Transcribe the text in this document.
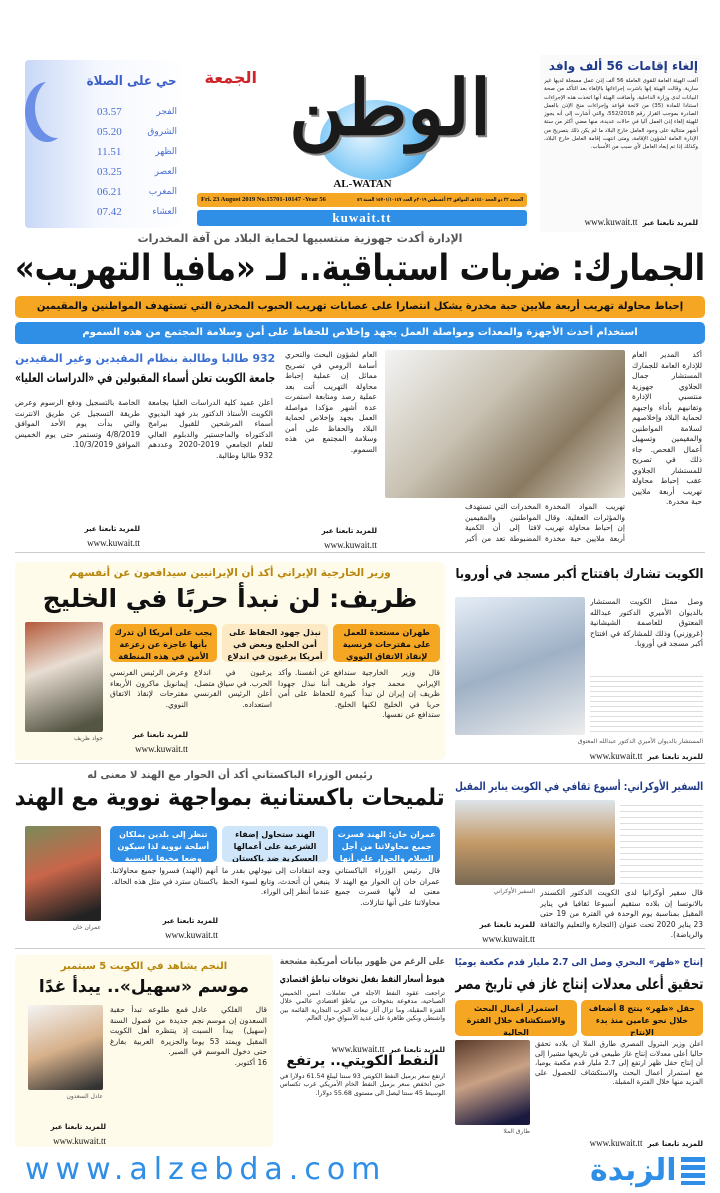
حي على الصلاة
الفجر
03.57
الشروق
05.20
الظهر
11.51
العصر
03.25
المغرب
06.21
العشاء
07.42
الوطن
الجمعة
AL-WATAN
Fri. 23 August 2019 No.15701-10147 -Year 56	الجمعة ٢٢ ذو الحجة ١٤٤٠هـ الموافق ٢٣ أغسطس ٢٠١٩م العدد ١٥٧٠١/١٠١٤٧ السنة ٥٦
kuwait.tt
إلغاء إقامات 56 ألف وافد
ألغت الهيئة العامة للقوى العاملة 56 ألف إذن عمل مسجلة لديها غير سارية. وقالت الهيئة إنها باشرت إجراءاتها بالإلغاء بعد التأكد من صحة البيانات لدى وزارة الداخلية. وأضافت الهيئة أنها اتخذت هذه الإجراءات استنادا للمادة (35) من لائحة قواعد وإجراءات منح الإذن بالعمل الصادرة بموجب القرار رقم 552/2018، والتي أشارت إلى أنه يجوز للهيئة إلغاء إذن العمل آليا في حالات عديدة، منها مضي أكثر من ستة أشهر متتالية على وجود العامل خارج البلاد ما لم يكن ذلك بتصريح من الإدارة العامة لشؤون الإقامة، ومتى انتهت إقامة العامل خارج البلاد، وكذلك إذا تم إبعاد العامل لأي سبب من الأسباب.
للمزيد تابعنا عبر www.kuwait.tt
الإدارة أكدت جهوزية منتسبيها لحماية البلاد من آفة المخدرات
الجمارك: ضربات استباقية.. لـ «مافيا التهريب»
إحباط محاولة تهريب أربعة ملايين حبة مخدرة يشكل انتصارا على عصابات تهريب الحبوب المخدرة التي تستهدف المواطنين والمقيمين
استخدام أحدث الأجهزة والمعدات ومواصلة العمل بجهد وإخلاص للحفاظ على أمن وسلامة المجتمع من هذه السموم
أكد المدير العام للإدارة العامة للجمارك المستشار جمال الجلاوي جهوزية منتسبي الإدارة وتفانيهم بأداء واجبهم لحماية البلاد وإخلاصهم لسلامة المواطنين والمقيمين وتسهيل أعمال الفحص. جاء ذلك في تصريح للمستشار الجلاوي عقب إحباط محاولة تهريب أربعة ملايين حبة مخدرة.
تهريب المواد المخدرة والمؤثرات العقلية. وقال إن إحباط محاولة تهريب أربعة ملايين حبة مخدرة
المخدرات التي تستهدف المواطنين والمقيمين لافتا إلى أن الكمية المضبوطة تعد من أكبر
العام لشؤون البحث والتحري أسامة الرومي في تصريح مماثل إن عملية إحباط محاولة التهريب أتت بعد عملية رصد ومتابعة استمرت عدة أشهر مؤكدا مواصلة العمل بجهد وإخلاص لحماية البلاد والحفاظ على أمن وسلامة المجتمع من هذه السموم.
للمزيد تابعنا عبر
www.kuwait.tt
932 طالبا وطالبة بنظام المقيدين وغير المقيدين
جامعة الكويت تعلن أسماء المقبولين في «الدراسات العليا»
أعلن عميد كلية الدراسات العليا بجامعة الكويت الأستاذ الدكتور بدر فهد البديوي أسماء المرشحين للقبول ببرامج الدكتوراه والماجستير والدبلوم العالي للعام الجامعي 2019-2020 وعددهم 932 طالبا وطالبة.
الخاصة بالتسجيل ودفع الرسوم وعرض طريقة التسجيل عن طريق الانترنت والتي بدأت يوم الأحد الموافق 4/8/2019 وتستمر حتى يوم الخميس الموافق 10/3/2019.
للمزيد تابعنا عبر
www.kuwait.tt
الكويت تشارك بافتتاح أكبر مسجد في أوروبا
وصل ممثل الكويت المستشار بالديوان الأميري الدكتور عبدالله المعتوق للعاصمة الشيشانية (غروزني) وذلك للمشاركة في افتتاح أكبر مسجد في أوروبا.
المستشار بالديوان الأميري الدكتور عبدالله المعتوق
للمزيد تابعنا عبر www.kuwait.tt
وزير الخارجية الإيراني أكد أن الإيرانيين سيدافعون عن أنفسهم
ظريف: لن نبدأ حربًا في الخليج
جواد ظريف
طهران مستعدة للعمل على مقترحات فرنسية لإنقاذ الاتفاق النووي
نبذل جهود الحفاظ على أمن الخليج وبعض في أمريكا يرغبون في اندلاع
يجب على أمريكا أن تدرك بأنها عاجزة عن زعزعة الأمن في هذه المنطقة
قال وزير الخارجية الإيراني محمد جواد ظريف إن إيران لن تبدأ حربا في الخليج لكنها ستدافع عن نفسها.
سندافع عن أنفسنا. وأكد ظريف أننا نبذل جهودا كبيرة للحفاظ على أمن الخليج.
يرغبون في اندلاع الحرب. في سياق متصل، أعلن الرئيس الفرنسي استعداده.
وعرض الرئيس الفرنسي إيمانويل ماكرون الأربعاء مقترحات لإنقاذ الاتفاق النووي.
للمزيد تابعنا عبر
www.kuwait.tt
السفير الأوكراني: أسبوع ثقافي في الكويت يناير المقبل
قال سفير أوكرانيا لدى الكويت الدكتور ألكسندر بالانوتسا إن بلاده ستقيم أسبوعا ثقافيا في يناير المقبل بمناسبة يوم الوحدة في الفترة من 19 حتى 23 يناير 2020 تحت عنوان (التجارة والتعليم والثقافة والرياضة).
السفير الأوكراني
للمزيد تابعنا عبر
www.kuwait.tt
رئيس الوزراء الباكستاني أكد أن الحوار مع الهند لا معنى له
تلميحات باكستانية بمواجهة نووية مع الهند
عمران خان
عمران خان: الهند فسرت جميع محاولاتنا من أجل السلام والحوار على أنها
الهند ستحاول إضفاء الشرعية على أعمالها العسكرية ضد باكستان
تنظر إلى بلدين يملكان أسلحة نووية لذا سيكون وضعا مخيفا بالنسبة
قال رئيس الوزراء الباكستاني عمران خان إن الحوار مع الهند لا معنى له لأنها فسرت جميع محاولاتنا على أنها تنازلات.
وجه انتقادات إلى نيودلهي بقدر ما ينبغي أن أتحدث، وتابع لسوء الحظ عندما أنظر إلى الوراء.
أنهم (الهند) فسروا جميع محاولاتنا. باكستان سترد في مثل هذه الحالة.
للمزيد تابعنا عبر
www.kuwait.tt
إنتاج «ظهر» البحري وصل الى 2.7 مليار قدم مكعبة يوميًا
تحقيق أعلى معدلات إنتاج غاز في تاريخ مصر
حقل «ظهر» ينتج 8 أضعاف خلال نحو عامين منذ بدء الإنتاج
استمرار أعمال البحث والاستكشاف خلال الفترة الحالية
طارق الملا
أعلن وزير البترول المصري طارق الملا أن بلاده تحقق حاليا أعلى معدلات إنتاج غاز طبيعي في تاريخها مشيرا إلى أن إنتاج حقل ظهر ارتفع إلى 2.7 مليار قدم مكعبة يوميا، مع استمرار أعمال البحث والاستكشاف للحصول على المزيد منها خلال الفترة المقبلة.
للمزيد تابعنا عبر www.kuwait.tt
على الرغم من ظهور بيانات أمريكية مشجعة
هبوط أسعار النفط بفعل تخوفات تباطؤ اقتصادي
تراجعت عقود النفط الآجلة في تعاملات أمس الخميس الصباحية، مدفوعة بتخوفات من تباطؤ اقتصادي عالمي خلال الفترة المقبلة، وما تزال آثار تبعات الحرب التجارية القائمة بين واشنطن وبكين ظاهرة على عديد الأسواق حول العالم.
للمزيد تابعنا عبر www.kuwait.tt
النفط الكويتي.. يرتفع
ارتفع سعر برميل النفط الكويتي 93 سنتا ليبلغ 61.54 دولارا في حين انخفض سعر برميل النفط الخام الأمريكي غرب تكساس الوسيط 45 سنتا ليصل الى مستوى 55.68 دولارا.
النجم يشاهد في الكويت 5 سبتمبر
موسم «سهيل».. يبدأ غدًا
عادل السعدون
قال الفلكي عادل السعدون إن موسم نجم (سهيل) يبدأ السبت المقبل ويمتد 53 يوما حتى دخول الموسم في 16 أكتوبر.
فمع طلوعه تبدأ حقبة جديدة من فصول السنة إذ ينتظره أهل الكويت والجزيرة العربية بفارغ الصبر.
للمزيد تابعنا عبر
www.kuwait.tt
www.alzebda.com	الزبدة
